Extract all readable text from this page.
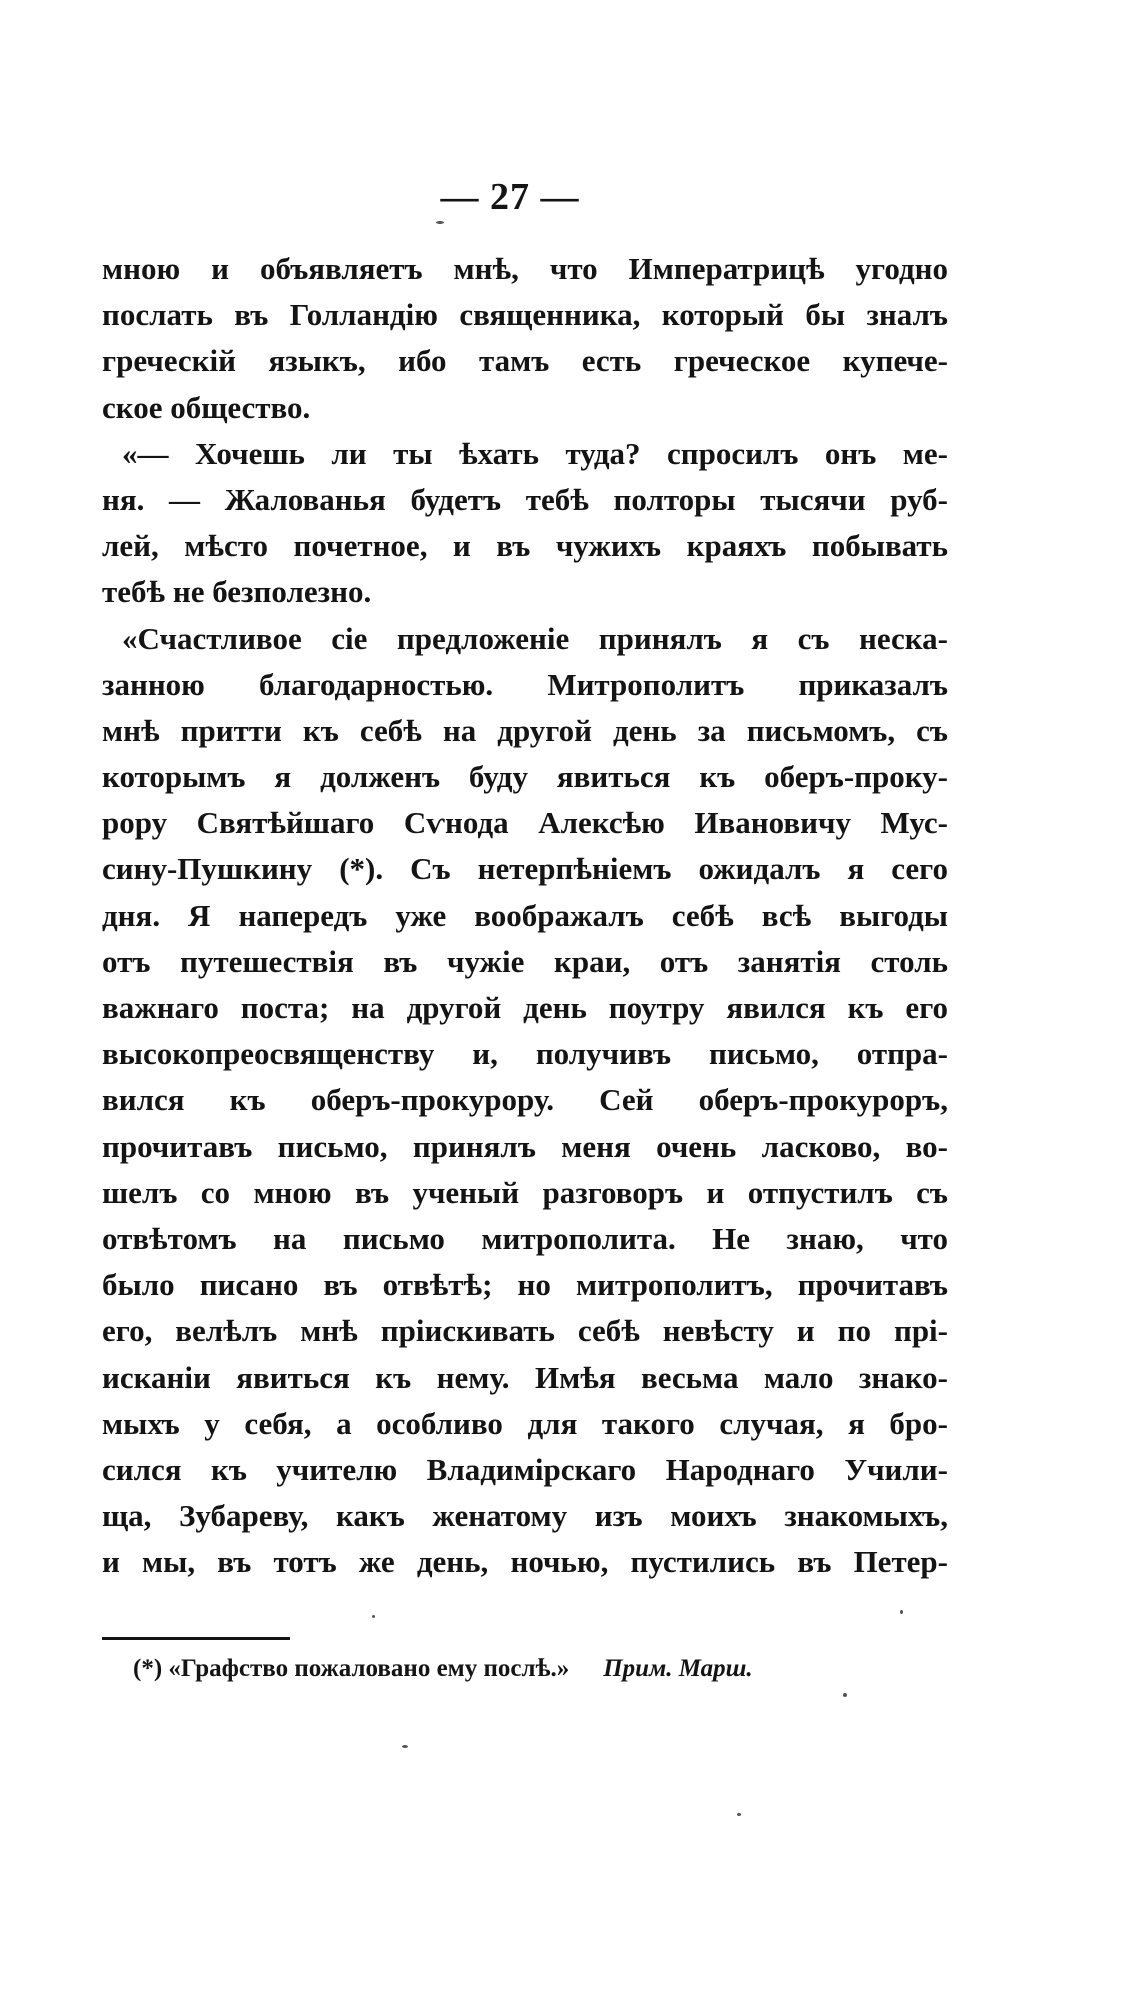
— 27 —
мною и объявляетъ мнѣ, что Императрицѣ угодно
послать въ Голландію священника, который бы зналъ
греческій языкъ, ибо тамъ есть греческое купече-
ское общество.
«— Хочешь ли ты ѣхать туда? спросилъ онъ ме-
ня. — Жалованья будетъ тебѣ полторы тысячи руб-
лей, мѣсто почетное, и въ чужихъ краяхъ побывать
тебѣ не безполезно.
«Счастливое сіе предложеніе принялъ я съ неска-
занною благодарностью. Митрополитъ приказалъ
мнѣ притти къ себѣ на другой день за письмомъ, съ
которымъ я долженъ буду явиться къ оберъ-проку-
рору Святѣйшаго Сѵнода Алексѣю Ивановичу Мус-
сину-Пушкину (*). Съ нетерпѣніемъ ожидалъ я сего
дня. Я напередъ уже воображалъ себѣ всѣ выгоды
отъ путешествія въ чужіе краи, отъ занятія столь
важнаго поста; на другой день поутру явился къ его
высокопреосвященству и, получивъ письмо, отпра-
вился къ оберъ-прокурору. Сей оберъ-прокуроръ,
прочитавъ письмо, принялъ меня очень ласково, во-
шелъ со мною въ ученый разговоръ и отпустилъ съ
отвѣтомъ на письмо митрополита. Не знаю, что
было писано въ отвѣтѣ; но митрополитъ, прочитавъ
его, велѣлъ мнѣ пріискивать себѣ невѣсту и по прі-
исканіи явиться къ нему. Имѣя весьма мало знако-
мыхъ у себя, а особливо для такого случая, я бро-
сился къ учителю Владимірскаго Народнаго Учили-
ща, Зубареву, какъ женатому изъ моихъ знакомыхъ,
и мы, въ тотъ же день, ночью, пустились въ Петер-
(*) «Графство пожаловано ему послѣ.» Прим. Марш.
